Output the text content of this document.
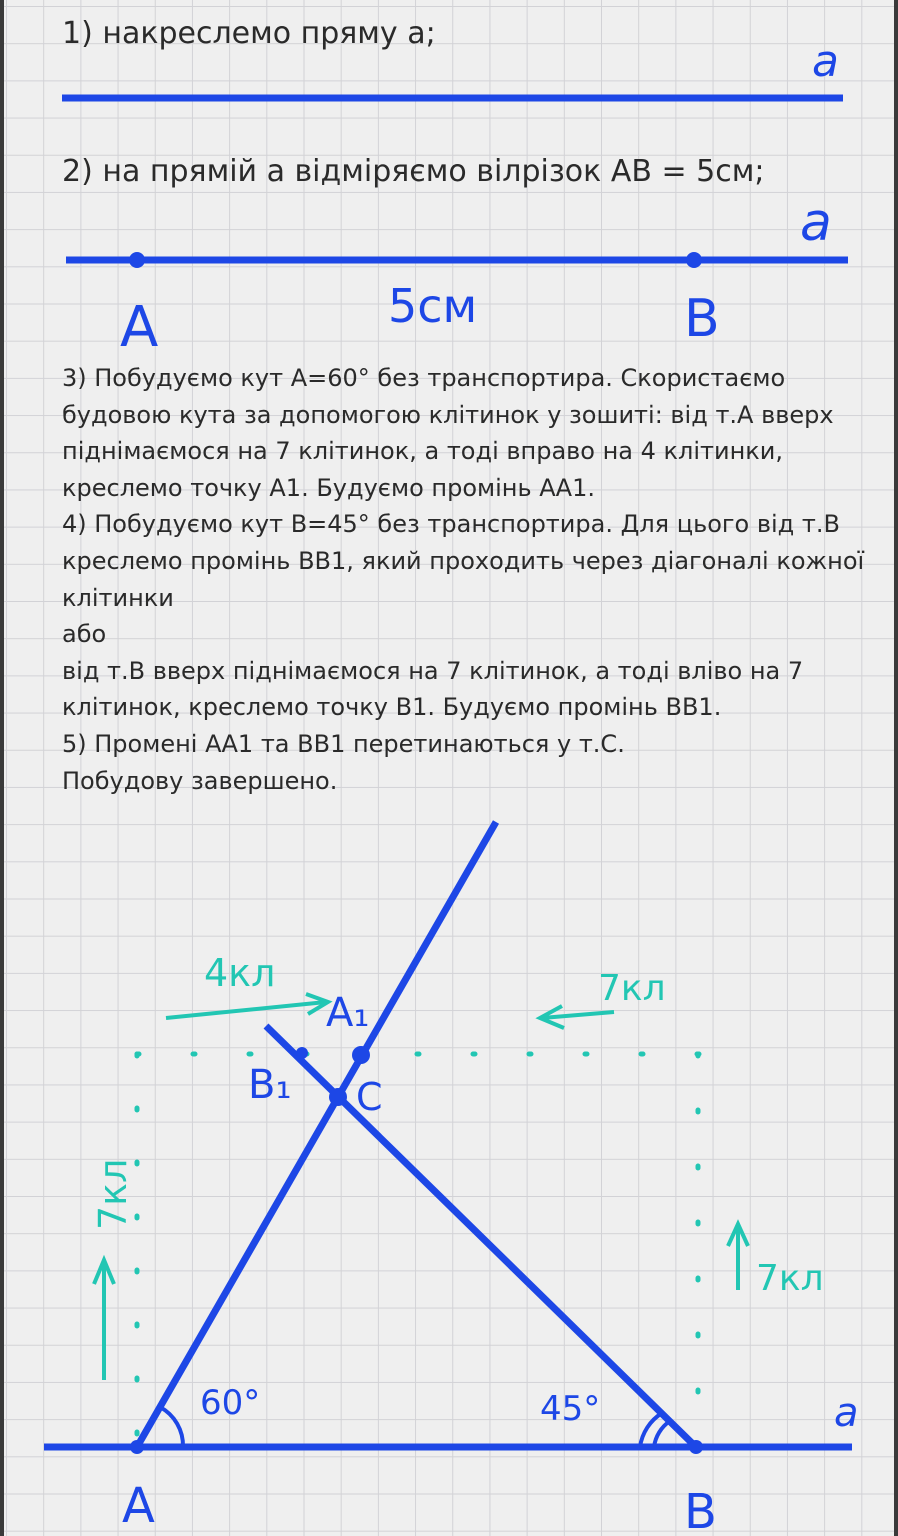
1) накреслемо пряму а;
2) на прямій а відміряємо вілрізок АВ = 5см;
a
a
A	5см	B

3) Побудуємо кут А=60° без транспортира. Скористаємо

будовою кута за допомогою клітинок у зошиті: від т.А вверх

піднімаємося на 7 клітинок, а тоді вправо на 4 клітинки,

креслемо точку А1. Будуємо промінь АА1.

4) Побудуємо кут В=45° без транспортира. Для цього від т.В

креслемо промінь ВВ1, який проходить через діагоналі кожної

клітинки

або

від т.В вверх піднімаємося на 7 клітинок, а тоді вліво на 7

клітинок, креслемо точку В1. Будуємо промінь ВВ1.

5) Промені АА1 та ВВ1 перетинаються у т.С.

Побудову завершено.

a
A	B
A₁
B₁ C
60°	45°
7кл
4кл	7кл
7кл
